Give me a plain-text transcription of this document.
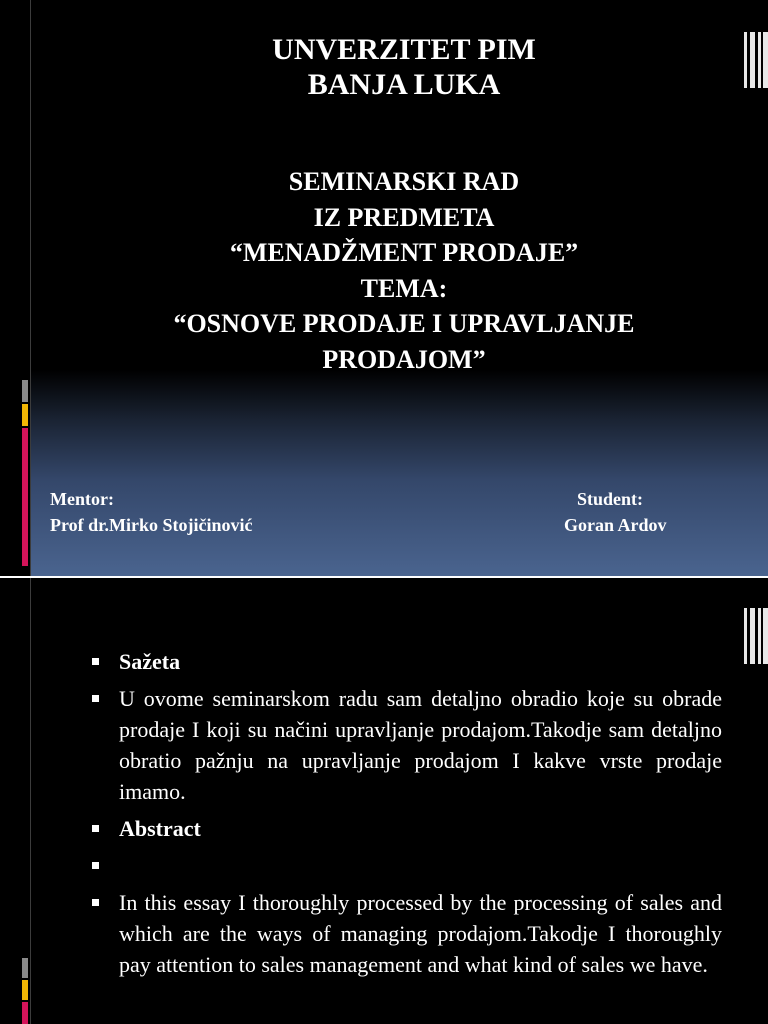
UNVERZITET PIM
BANJA LUKA
SEMINARSKI RAD
IZ PREDMETA
“MENADŽMENT PRODAJE”
TEMA:
“OSNOVE PRODAJE I UPRAVLJANJE
PRODAJOM”
Mentor:
Prof dr.Mirko Stojičinović
Student:
Goran Ardov
Sažeta
U ovome seminarskom radu sam detaljno obradio koje su obrade prodaje I koji su načini upravljanje prodajom.Takodje sam detaljno obratio pažnju na upravljanje prodajom I kakve vrste prodaje imamo.
Abstract
In this essay I thoroughly processed by the processing of sales and which are the ways of managing prodajom.Takodje I thoroughly pay attention to sales management and what kind of sales we have.
